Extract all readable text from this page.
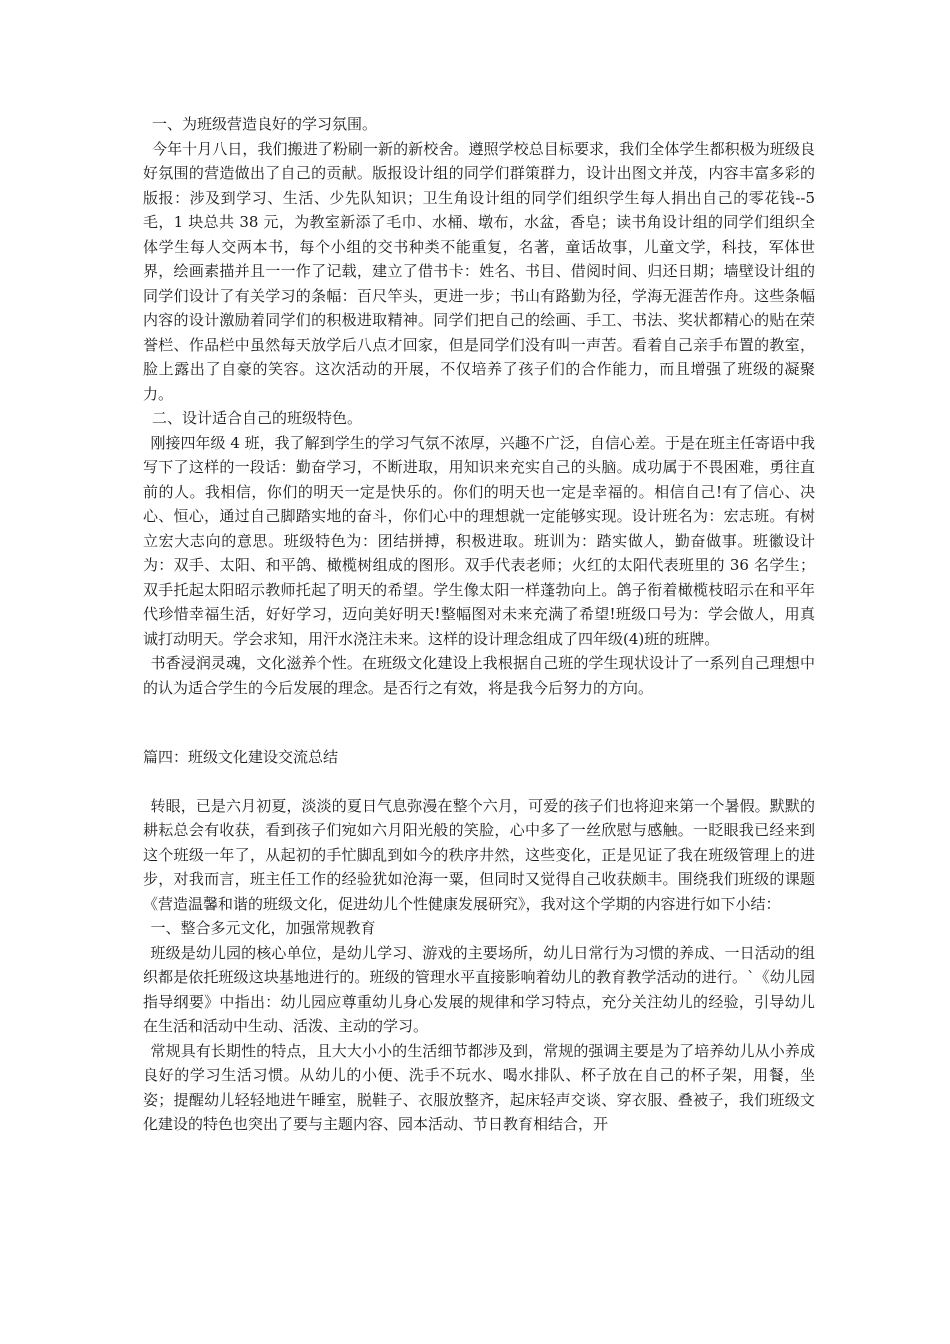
一、为班级营造良好的学习氛围。

今年十月八日，我们搬进了粉刷一新的新校舍。遵照学校总目标要求，我们全体学生都积极为班级良好氛围的营造做出了自己的贡献。版报设计组的同学们群策群力，设计出图文并茂，内容丰富多彩的版报：涉及到学习、生活、少先队知识；卫生角设计组的同学们组织学生每人捐出自己的零花钱--5 毛，1 块总共 38 元，为教室新添了毛巾、水桶、墩布，水盆，香皂；读书角设计组的同学们组织全体学生每人交两本书，每个小组的交书种类不能重复，名著，童话故事，儿童文学，科技，军体世界，绘画素描并且一一作了记载，建立了借书卡：姓名、书目、借阅时间、归还日期；墙壁设计组的同学们设计了有关学习的条幅：百尺竿头，更进一步；书山有路勤为径，学海无涯苦作舟。这些条幅内容的设计激励着同学们的积极进取精神。同学们把自己的绘画、手工、书法、奖状都精心的贴在荣誉栏、作品栏中虽然每天放学后八点才回家，但是同学们没有叫一声苦。看着自己亲手布置的教室，脸上露出了自豪的笑容。这次活动的开展，不仅培养了孩子们的合作能力，而且增强了班级的凝聚力。

二、设计适合自己的班级特色。

刚接四年级 4 班，我了解到学生的学习气氛不浓厚，兴趣不广泛，自信心差。于是在班主任寄语中我写下了这样的一段话：勤奋学习，不断进取，用知识来充实自己的头脑。成功属于不畏困难，勇往直前的人。我相信，你们的明天一定是快乐的。你们的明天也一定是幸福的。相信自己!有了信心、决心、恒心，通过自己脚踏实地的奋斗，你们心中的理想就一定能够实现。设计班名为：宏志班。有树立宏大志向的意思。班级特色为：团结拼搏，积极进取。班训为：踏实做人，勤奋做事。班徽设计为：双手、太阳、和平鸽、橄榄树组成的图形。双手代表老师；火红的太阳代表班里的 36 名学生；双手托起太阳昭示教师托起了明天的希望。学生像太阳一样蓬勃向上。鸽子衔着橄榄枝昭示在和平年代珍惜幸福生活，好好学习，迈向美好明天!整幅图对未来充满了希望!班级口号为：学会做人，用真诚打动明天。学会求知，用汗水浇注未来。这样的设计理念组成了四年级(4)班的班牌。

书香浸润灵魂，文化滋养个性。在班级文化建设上我根据自己班的学生现状设计了一系列自己理想中的认为适合学生的今后发展的理念。是否行之有效，将是我今后努力的方向。

篇四：班级文化建设交流总结

转眼，已是六月初夏，淡淡的夏日气息弥漫在整个六月，可爱的孩子们也将迎来第一个暑假。默默的耕耘总会有收获，看到孩子们宛如六月阳光般的笑脸，心中多了一丝欣慰与感触。一眨眼我已经来到这个班级一年了，从起初的手忙脚乱到如今的秩序井然，这些变化，正是见证了我在班级管理上的进步，对我而言，班主任工作的经验犹如沧海一粟，但同时又觉得自己收获颇丰。围绕我们班级的课题《营造温馨和谐的班级文化，促进幼儿个性健康发展研究》，我对这个学期的内容进行如下小结：

一、整合多元文化，加强常规教育

班级是幼儿园的核心单位，是幼儿学习、游戏的主要场所，幼儿日常行为习惯的养成、一日活动的组织都是依托班级这块基地进行的。班级的管理水平直接影响着幼儿的教育教学活动的进行。`《幼儿园指导纲要》中指出：幼儿园应尊重幼儿身心发展的规律和学习特点，充分关注幼儿的经验，引导幼儿在生活和活动中生动、活泼、主动的学习。

常规具有长期性的特点，且大大小小的生活细节都涉及到，常规的强调主要是为了培养幼儿从小养成良好的学习生活习惯。从幼儿的小便、洗手不玩水、喝水排队、杯子放在自己的杯子架，用餐，坐姿；提醒幼儿轻轻地进午睡室，脱鞋子、衣服放整齐，起床轻声交谈、穿衣服、叠被子，我们班级文化建设的特色也突出了要与主题内容、园本活动、节日教育相结合，开
